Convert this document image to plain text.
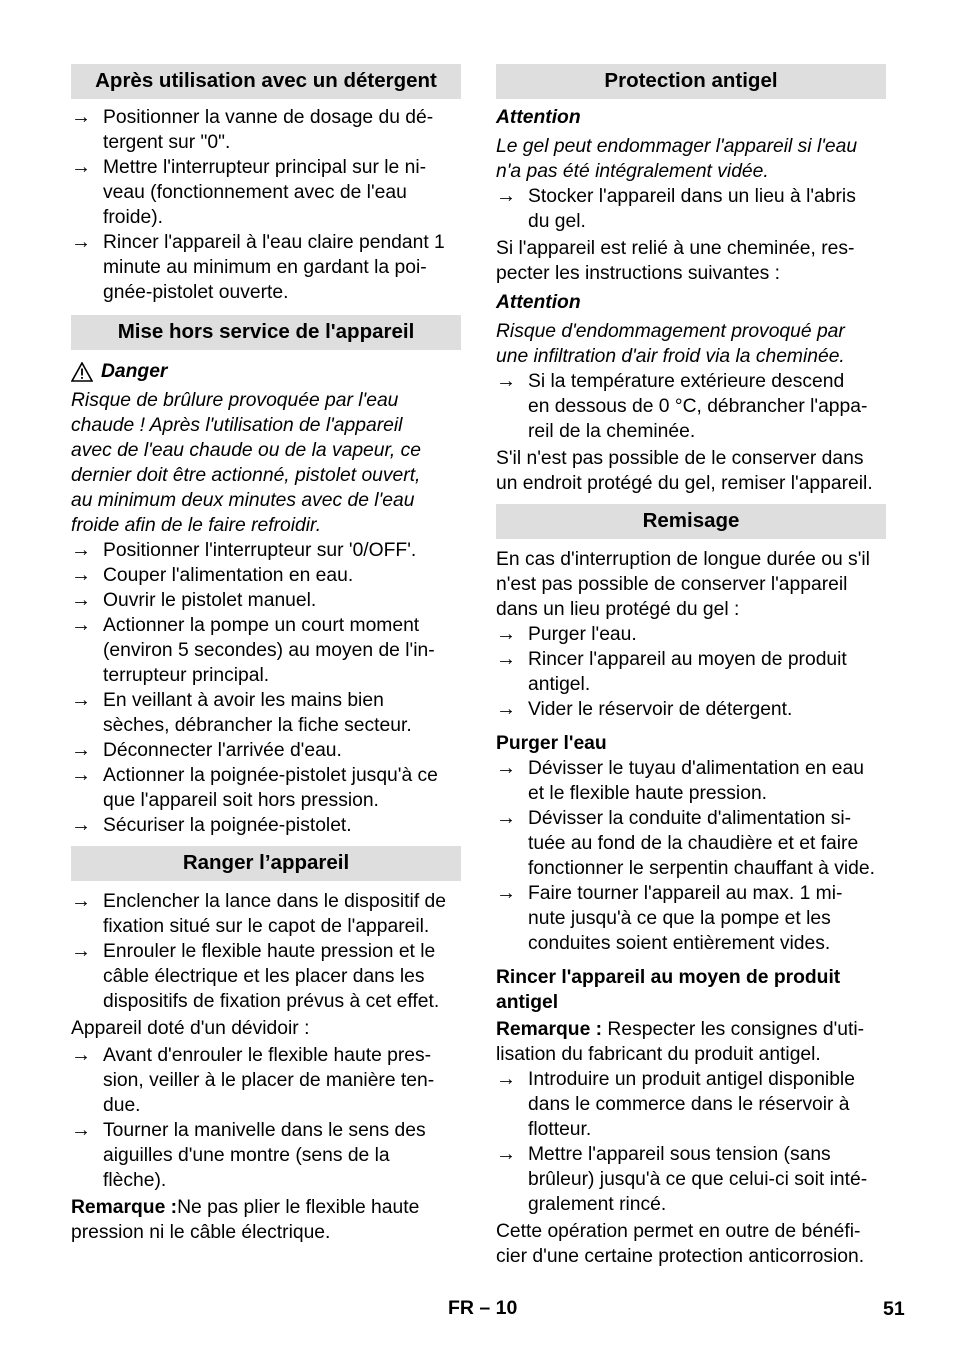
Après utilisation avec un détergent
→ Positionner la vanne de dosage du dé-
tergent sur "0".
→ Mettre l'interrupteur principal sur le ni-
veau (fonctionnement avec de l'eau
froide).
→ Rincer l'appareil à l'eau claire pendant 1
minute au minimum en gardant la poi-
gnée-pistolet ouverte.
Mise hors service de l'appareil
Danger
Risque de brûlure provoquée par l'eau
chaude ! Après l'utilisation de l'appareil
avec de l'eau chaude ou de la vapeur, ce
dernier doit être actionné, pistolet ouvert,
au minimum deux minutes avec de l'eau
froide afin de le faire refroidir.
→ Positionner l'interrupteur sur '0/OFF'.
→ Couper l'alimentation en eau.
→ Ouvrir le pistolet manuel.
→ Actionner la pompe un court moment
(environ 5 secondes) au moyen de l'in-
terrupteur principal.
→ En veillant à avoir les mains bien
sèches, débrancher la fiche secteur.
→ Déconnecter l'arrivée d'eau.
→ Actionner la poignée-pistolet jusqu'à ce
que l'appareil soit hors pression.
→ Sécuriser la poignée-pistolet.
Ranger l’appareil
→ Enclencher la lance dans le dispositif de
fixation situé sur le capot de l'appareil.
→ Enrouler le flexible haute pression et le
câble électrique et les placer dans les
dispositifs de fixation prévus à cet effet.
Appareil doté d'un dévidoir :
→ Avant d'enrouler le flexible haute pres-
sion, veiller à le placer de manière ten-
due.
→ Tourner la manivelle dans le sens des
aiguilles d'une montre (sens de la
flèche).
Remarque :Ne pas plier le flexible haute
pression ni le câble électrique.
Protection antigel
Attention
Le gel peut endommager l'appareil si l'eau
n'a pas été intégralement vidée.
→ Stocker l'appareil dans un lieu à l'abris
du gel.
Si l'appareil est relié à une cheminée, res-
pecter les instructions suivantes :
Attention
Risque d'endommagement provoqué par
une infiltration d'air froid via la cheminée.
→ Si la température extérieure descend
en dessous de 0 °C, débrancher l'appa-
reil de la cheminée.
S'il n'est pas possible de le conserver dans
un endroit protégé du gel, remiser l'appareil.
Remisage
En cas d'interruption de longue durée ou s'il
n'est pas possible de conserver l'appareil
dans un lieu protégé du gel :
→ Purger l'eau.
→ Rincer l'appareil au moyen de produit
antigel.
→ Vider le réservoir de détergent.
Purger l'eau
→ Dévisser le tuyau d'alimentation en eau
et le flexible haute pression.
→ Dévisser la conduite d'alimentation si-
tuée au fond de la chaudière et et faire
fonctionner le serpentin chauffant à vide.
→ Faire tourner l'appareil au max. 1 mi-
nute jusqu'à ce que la pompe et les
conduites soient entièrement vides.
Rincer l'appareil au moyen de produit
antigel
Remarque : Respecter les consignes d'uti-
lisation du fabricant du produit antigel.
→ Introduire un produit antigel disponible
dans le commerce dans le réservoir à
flotteur.
→ Mettre l'appareil sous tension (sans
brûleur) jusqu'à ce que celui-ci soit inté-
gralement rincé.
Cette opération permet en outre de bénéfi-
cier d'une certaine protection anticorrosion.
FR – 10	51
